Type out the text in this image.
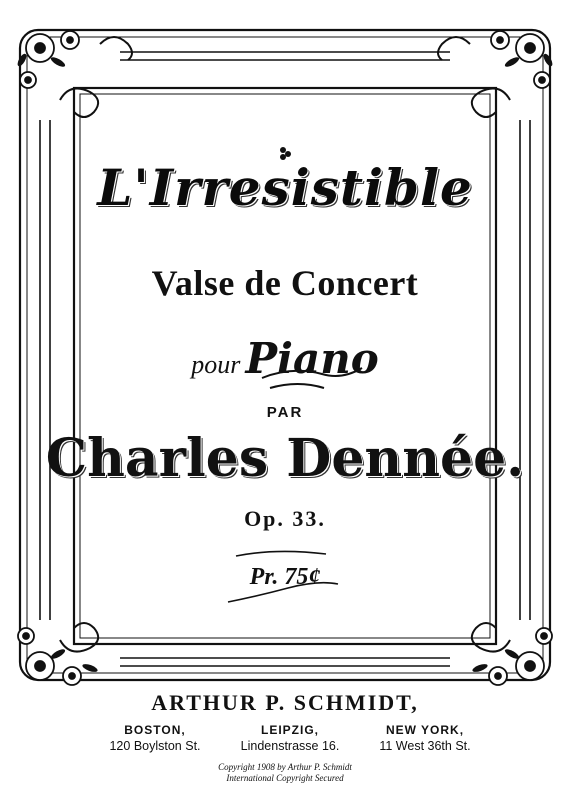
L'Irresistible
Valse de Concert
pour Piano
PAR
Charles Dennée.
Op. 33.
Pr. 75¢
ARTHUR P. SCHMIDT,
BOSTON,
120 Boylston St.
LEIPZIG,
Lindenstrasse 16.
NEW YORK,
11 West 36th St.
Copyright 1908 by Arthur P. Schmidt
International Copyright Secured
